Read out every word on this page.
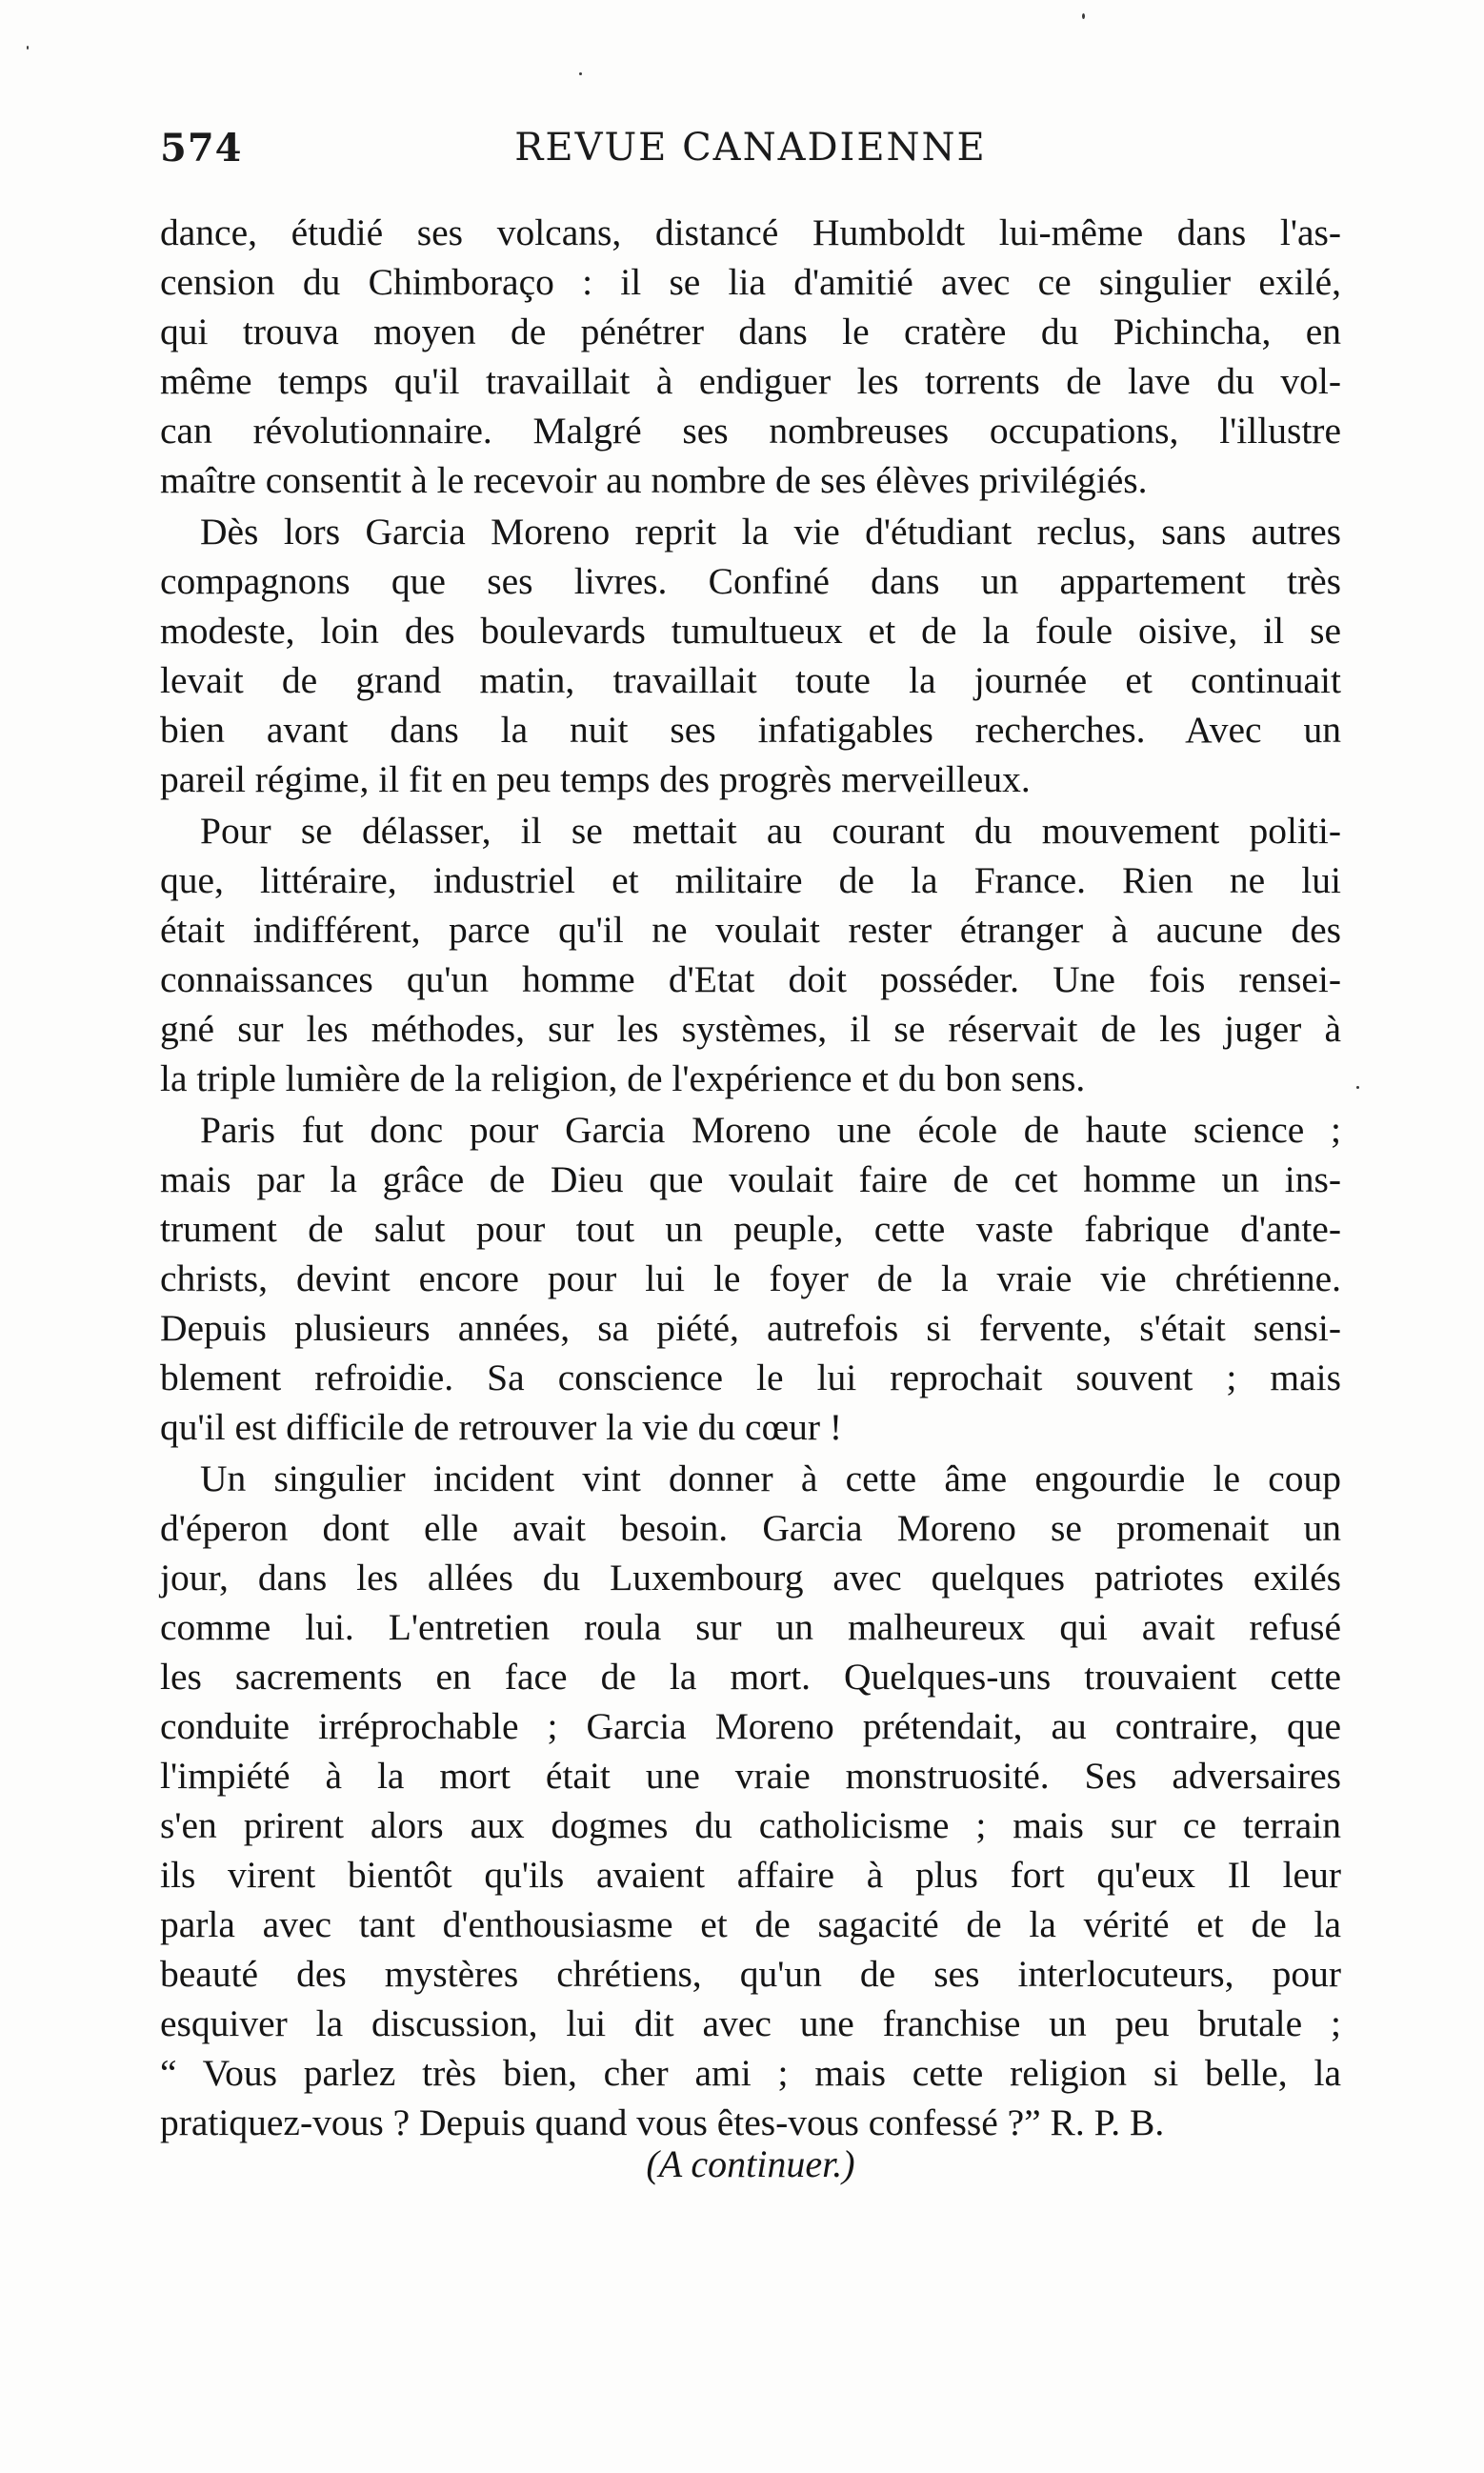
574	REVUE CANADIENNE
dance, étudié ses volcans, distancé Humboldt lui-même dans l'as-
cension du Chimboraço : il se lia d'amitié avec ce singulier exilé,
qui trouva moyen de pénétrer dans le cratère du Pichincha, en
même temps qu'il travaillait à endiguer les torrents de lave du vol-
can révolutionnaire. Malgré ses nombreuses occupations, l'illustre
maître consentit à le recevoir au nombre de ses élèves privilégiés.
Dès lors Garcia Moreno reprit la vie d'étudiant reclus, sans autres
compagnons que ses livres. Confiné dans un appartement très
modeste, loin des boulevards tumultueux et de la foule oisive, il se
levait de grand matin, travaillait toute la journée et continuait
bien avant dans la nuit ses infatigables recherches. Avec un
pareil régime, il fit en peu temps des progrès merveilleux.
Pour se délasser, il se mettait au courant du mouvement politi-
que, littéraire, industriel et militaire de la France. Rien ne lui
était indifférent, parce qu'il ne voulait rester étranger à aucune des
connaissances qu'un homme d'Etat doit posséder. Une fois rensei-
gné sur les méthodes, sur les systèmes, il se réservait de les juger à
la triple lumière de la religion, de l'expérience et du bon sens.
Paris fut donc pour Garcia Moreno une école de haute science ;
mais par la grâce de Dieu que voulait faire de cet homme un ins-
trument de salut pour tout un peuple, cette vaste fabrique d'ante-
christs, devint encore pour lui le foyer de la vraie vie chrétienne.
Depuis plusieurs années, sa piété, autrefois si fervente, s'était sensi-
blement refroidie. Sa conscience le lui reprochait souvent ; mais
qu'il est difficile de retrouver la vie du cœur !
Un singulier incident vint donner à cette âme engourdie le coup
d'éperon dont elle avait besoin. Garcia Moreno se promenait un
jour, dans les allées du Luxembourg avec quelques patriotes exilés
comme lui. L'entretien roula sur un malheureux qui avait refusé
les sacrements en face de la mort. Quelques-uns trouvaient cette
conduite irréprochable ; Garcia Moreno prétendait, au contraire, que
l'impiété à la mort était une vraie monstruosité. Ses adversaires
s'en prirent alors aux dogmes du catholicisme ; mais sur ce terrain
ils virent bientôt qu'ils avaient affaire à plus fort qu'eux Il leur
parla avec tant d'enthousiasme et de sagacité de la vérité et de la
beauté des mystères chrétiens, qu'un de ses interlocuteurs, pour
esquiver la discussion, lui dit avec une franchise un peu brutale ;
“ Vous parlez très bien, cher ami ; mais cette religion si belle, la
pratiquez-vous ? Depuis quand vous êtes-vous confessé ?” R. P. B.
(A continuer.)
